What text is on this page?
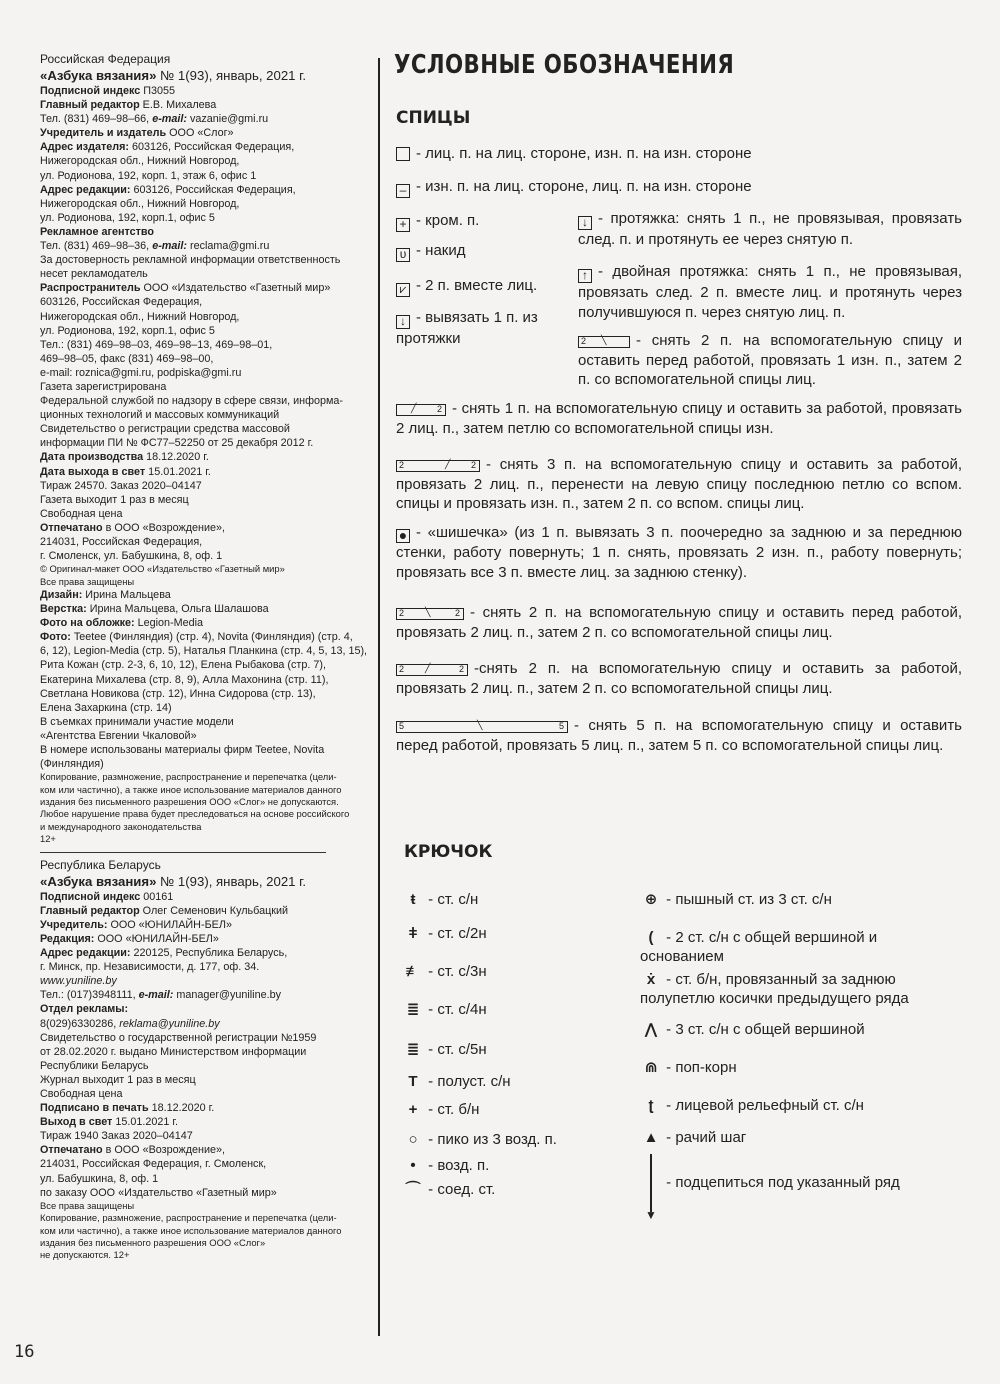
Российская Федерация
«Азбука вязания» № 1(93), январь, 2021 г.
Подписной индекс П3055
Главный редактор Е.В. Михалева
Тел. (831) 469–98–66, e-mail: vazanie@gmi.ru
Учредитель и издатель ООО «Слог»
Адрес издателя: 603126, Российская Федерация,
Нижегородская обл., Нижний Новгород,
ул. Родионова, 192, корп. 1, этаж 6, офис 1
Адрес редакции: 603126, Российская Федерация,
Нижегородская обл., Нижний Новгород,
ул. Родионова, 192, корп.1, офис 5
Рекламное агентство
Тел. (831) 469–98–36, e-mail: reclama@gmi.ru
За достоверность рекламной информации ответственность
несет рекламодатель
Распространитель ООО «Издательство «Газетный мир»
603126, Российская Федерация,
Нижегородская обл., Нижний Новгород,
ул. Родионова, 192, корп.1, офис 5
Тел.: (831) 469–98–03, 469–98–13, 469–98–01,
469–98–05, факс (831) 469–98–00,
e-mail: roznica@gmi.ru, podpiska@gmi.ru
Газета зарегистрирована
Федеральной службой по надзору в сфере связи, информа-
ционных технологий и массовых коммуникаций
Свидетельство о регистрации средства массовой
информации ПИ № ФС77–52250 от 25 декабря 2012 г.
Дата производства 18.12.2020 г.
Дата выхода в свет 15.01.2021 г.
Тираж 24570. Заказ 2020–04147
Газета выходит 1 раз в месяц
Свободная цена
Отпечатано в ООО «Возрождение»,
214031, Российская Федерация,
г. Смоленск, ул. Бабушкина, 8, оф. 1
© Оригинал-макет ООО «Издательство «Газетный мир»
Все права защищены
Дизайн: Ирина Мальцева
Верстка: Ирина Мальцева, Ольга Шалашова
Фото на обложке: Legion-Media
Фото: Teetee (Финляндия) (стр. 4), Novita (Финляндия) (стр. 4,
6, 12), Legion-Media (стр. 5), Наталья Планкина (стр. 4, 5, 13, 15),
Рита Кожан (стр. 2-3, 6, 10, 12), Елена Рыбакова (стр. 7),
Екатерина Михалева (стр. 8, 9), Алла Махонина (стр. 11),
Светлана Новикова (стр. 12), Инна Сидорова (стр. 13),
Елена Захаркина (стр. 14)
В съемках принимали участие модели
«Агентства Евгении Чкаловой»
В номере использованы материалы фирм Teetee, Novita
(Финляндия)
Копирование, размножение, распространение и перепечатка (цели-
ком или частично), а также иное использование материалов данного
издания без письменного разрешения ООО «Слог» не допускаются.
Любое нарушение права будет преследоваться на основе российского
и международного законодательства
12+
Республика Беларусь
«Азбука вязания» № 1(93), январь, 2021 г.
Подписной индекс 00161
Главный редактор Олег Семенович Кульбацкий
Учредитель: ООО «ЮНИЛАЙН-БЕЛ»
Редакция: ООО «ЮНИЛАЙН-БЕЛ»
Адрес редакции: 220125, Республика Беларусь,
г. Минск, пр. Независимости, д. 177, оф. 34.
www.yuniline.by
Тел.: (017)3948111, e-mail: manager@yuniline.by
Отдел рекламы:
8(029)6330286, reklama@yuniline.by
Свидетельство о государственной регистрации №1959
от 28.02.2020 г. выдано Министерством информации
Республики Беларусь
Журнал выходит 1 раз в месяц
Свободная цена
Подписано в печать 18.12.2020 г.
Выход в свет 15.01.2021 г.
Тираж 1940 Заказ 2020–04147
Отпечатано в ООО «Возрождение»,
214031, Российская Федерация, г. Смоленск,
ул. Бабушкина, 8, оф. 1
по заказу ООО «Издательство «Газетный мир»
Все права защищены
Копирование, размножение, распространение и перепечатка (цели-
ком или частично), а также иное использование материалов данного
издания без письменного разрешения ООО «Слог»
не допускаются. 12+
16
УСЛОВНЫЕ ОБОЗНАЧЕНИЯ
СПИЦЫ
- лиц. п. на лиц. стороне, изн. п. на изн. стороне
– - изн. п. на лиц. стороне, лиц. п. на изн. стороне
+ - кром. п.
υ - накид
⩗ - 2 п. вместе лиц.
↓ - вывязать 1 п. из протяжки
↓ - протяжка: снять 1 п., не провязывая, провязать след. п. и протянуть ее через снятую п.
↑ - двойная протяжка: снять 1 п., не провязывая, провязать след. 2 п. вместе лиц. и протянуть через получившуюся п. через снятую лиц. п.
2 ╲ - снять 2 п. на вспомогательную спицу и оставить перед работой, провязать 1 изн. п., затем 2 п. со вспомогательной спицы лиц.
╱ 2 - снять 1 п. на вспомогательную спицу и оставить за работой, провязать 2 лиц. п., затем петлю со вспомогательной спицы изн.
2	╱ 2 - снять 3 п. на вспомогательную спицу и оставить за работой, провязать 2 лиц. п., перенести на левую спицу последнюю петлю со вспом. спицы и провязать изн. п., затем 2 п. со вспом. спицы лиц.
● - «шишечка» (из 1 п. вывязать 3 п. поочередно за заднюю и за переднюю стенки, работу повернуть; 1 п. снять, провязать 2 изн. п., работу повернуть; провязать все 3 п. вместе лиц. за заднюю стенку).
2 ╲	2 - снять 2 п. на вспомогательную спицу и оставить перед работой, провязать 2 лиц. п., затем 2 п. со вспомогательной спицы лиц.
2 ╱	2 -снять 2 п. на вспомогательную спицу и оставить за работой, провязать 2 лиц. п., затем 2 п. со вспомогательной спицы лиц.
5	╲	5 - снять 5 п. на вспомогательную спицу и оставить перед работой, провязать 5 лиц. п., затем 5 п. со вспомогательной спицы лиц.
КРЮЧОК
ŧ - ст. с/н
ǂ - ст. с/2н
≢ - ст. с/3н
≣ - ст. с/4н
≣ - ст. с/5н
T - полуст. с/н
+ - ст. б/н
○ - пико из 3 возд. п.
• - возд. п.
⌒ - соед. ст.
⊕ - пышный ст. из 3 ст. с/н
( - 2 ст. с/н с общей вершиной и основанием
ẋ - ст. б/н, провязанный за заднюю полупетлю косички предыдущего ряда
⋀ - 3 ст. с/н с общей вершиной
⋒ - поп-корн
ʈ - лицевой рельефный ст. с/н
▲ - рачий шаг
▼
- подцепиться под указанный ряд
